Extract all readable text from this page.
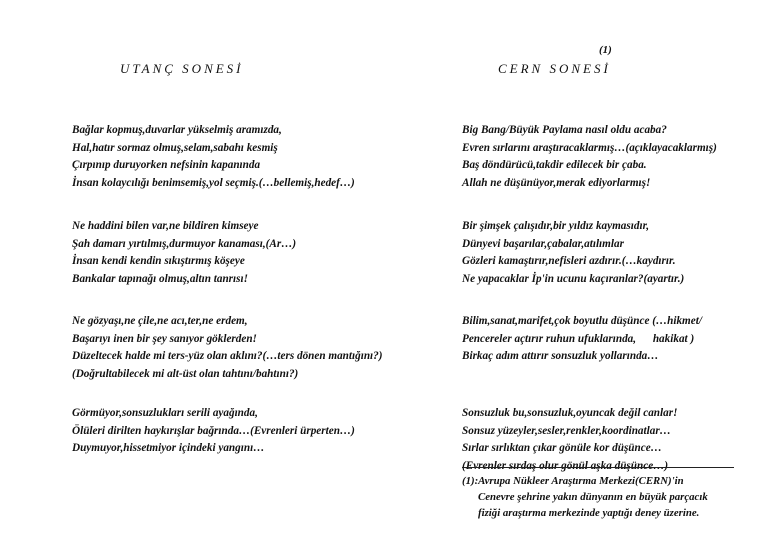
UTANÇ SONESİ
Bağlar kopmuş,duvarlar yükselmiş aramızda,
Hal,hatır sormaz olmuş,selam,sabahı kesmiş
Çırpınıp duruyorken nefsinin kapanında
İnsan kolaycılığı benimsemiş,yol seçmiş.(…bellemiş,hedef…)
Ne haddini bilen var,ne bildiren kimseye
Şah damarı yırtılmış,durmuyor kanaması,(Ar…)
İnsan kendi kendin sıkıştırmış köşeye
Bankalar tapınağı olmuş,altın tanrısı!
Ne gözyaşı,ne çile,ne acı,ter,ne erdem,
Başarıyı inen bir şey sanıyor göklerden!
Düzeltecek halde mi ters-yüz olan aklını?(…ters dönen mantığını?)
(Doğrultabilecek mi alt-üst olan tahtını/bahtını?)
Görmüyor,sonsuzlukları serili ayağında,
Ölüleri dirilten haykırışlar bağrında…(Evrenleri ürperten…)
Duymuyor,hissetmiyor içindeki yangını…
(1)
CERN SONESİ
Big Bang/Büyük Paylama nasıl oldu acaba?
Evren sırlarını araştıracaklarmış…(açıklayacaklarmış)
Baş döndürücü,takdir edilecek bir çaba.
Allah ne düşünüyor,merak ediyorlarmış!
Bir şimşek çalışıdır,bir yıldız kaymasıdır,
Dünyevi başarılar,çabalar,atılımlar
Gözleri kamaştırır,nefisleri azdırır.(…kaydırır.
Ne yapacaklar İp'in ucunu kaçıranlar?(ayartır.)
Bilim,sanat,marifet,çok boyutlu düşünce (…hikmet/
Pencereler açtırır ruhun ufuklarında,      hakikat )
Birkaç adım attırır sonsuzluk yollarında…
Sonsuzluk bu,sonsuzluk,oyuncak değil canlar!
Sonsuz yüzeyler,sesler,renkler,koordinatlar…
Sırlar sırlıktan çıkar gönüle kor düşünce…
(Evrenler sırdaş olur gönül aşka düşünce…)
(1):Avrupa Nükleer Araştırma Merkezi(CERN)'in
Cenevre şehrine yakın dünyanın en büyük parçacık
fiziği araştırma merkezinde yaptığı deney üzerine.
